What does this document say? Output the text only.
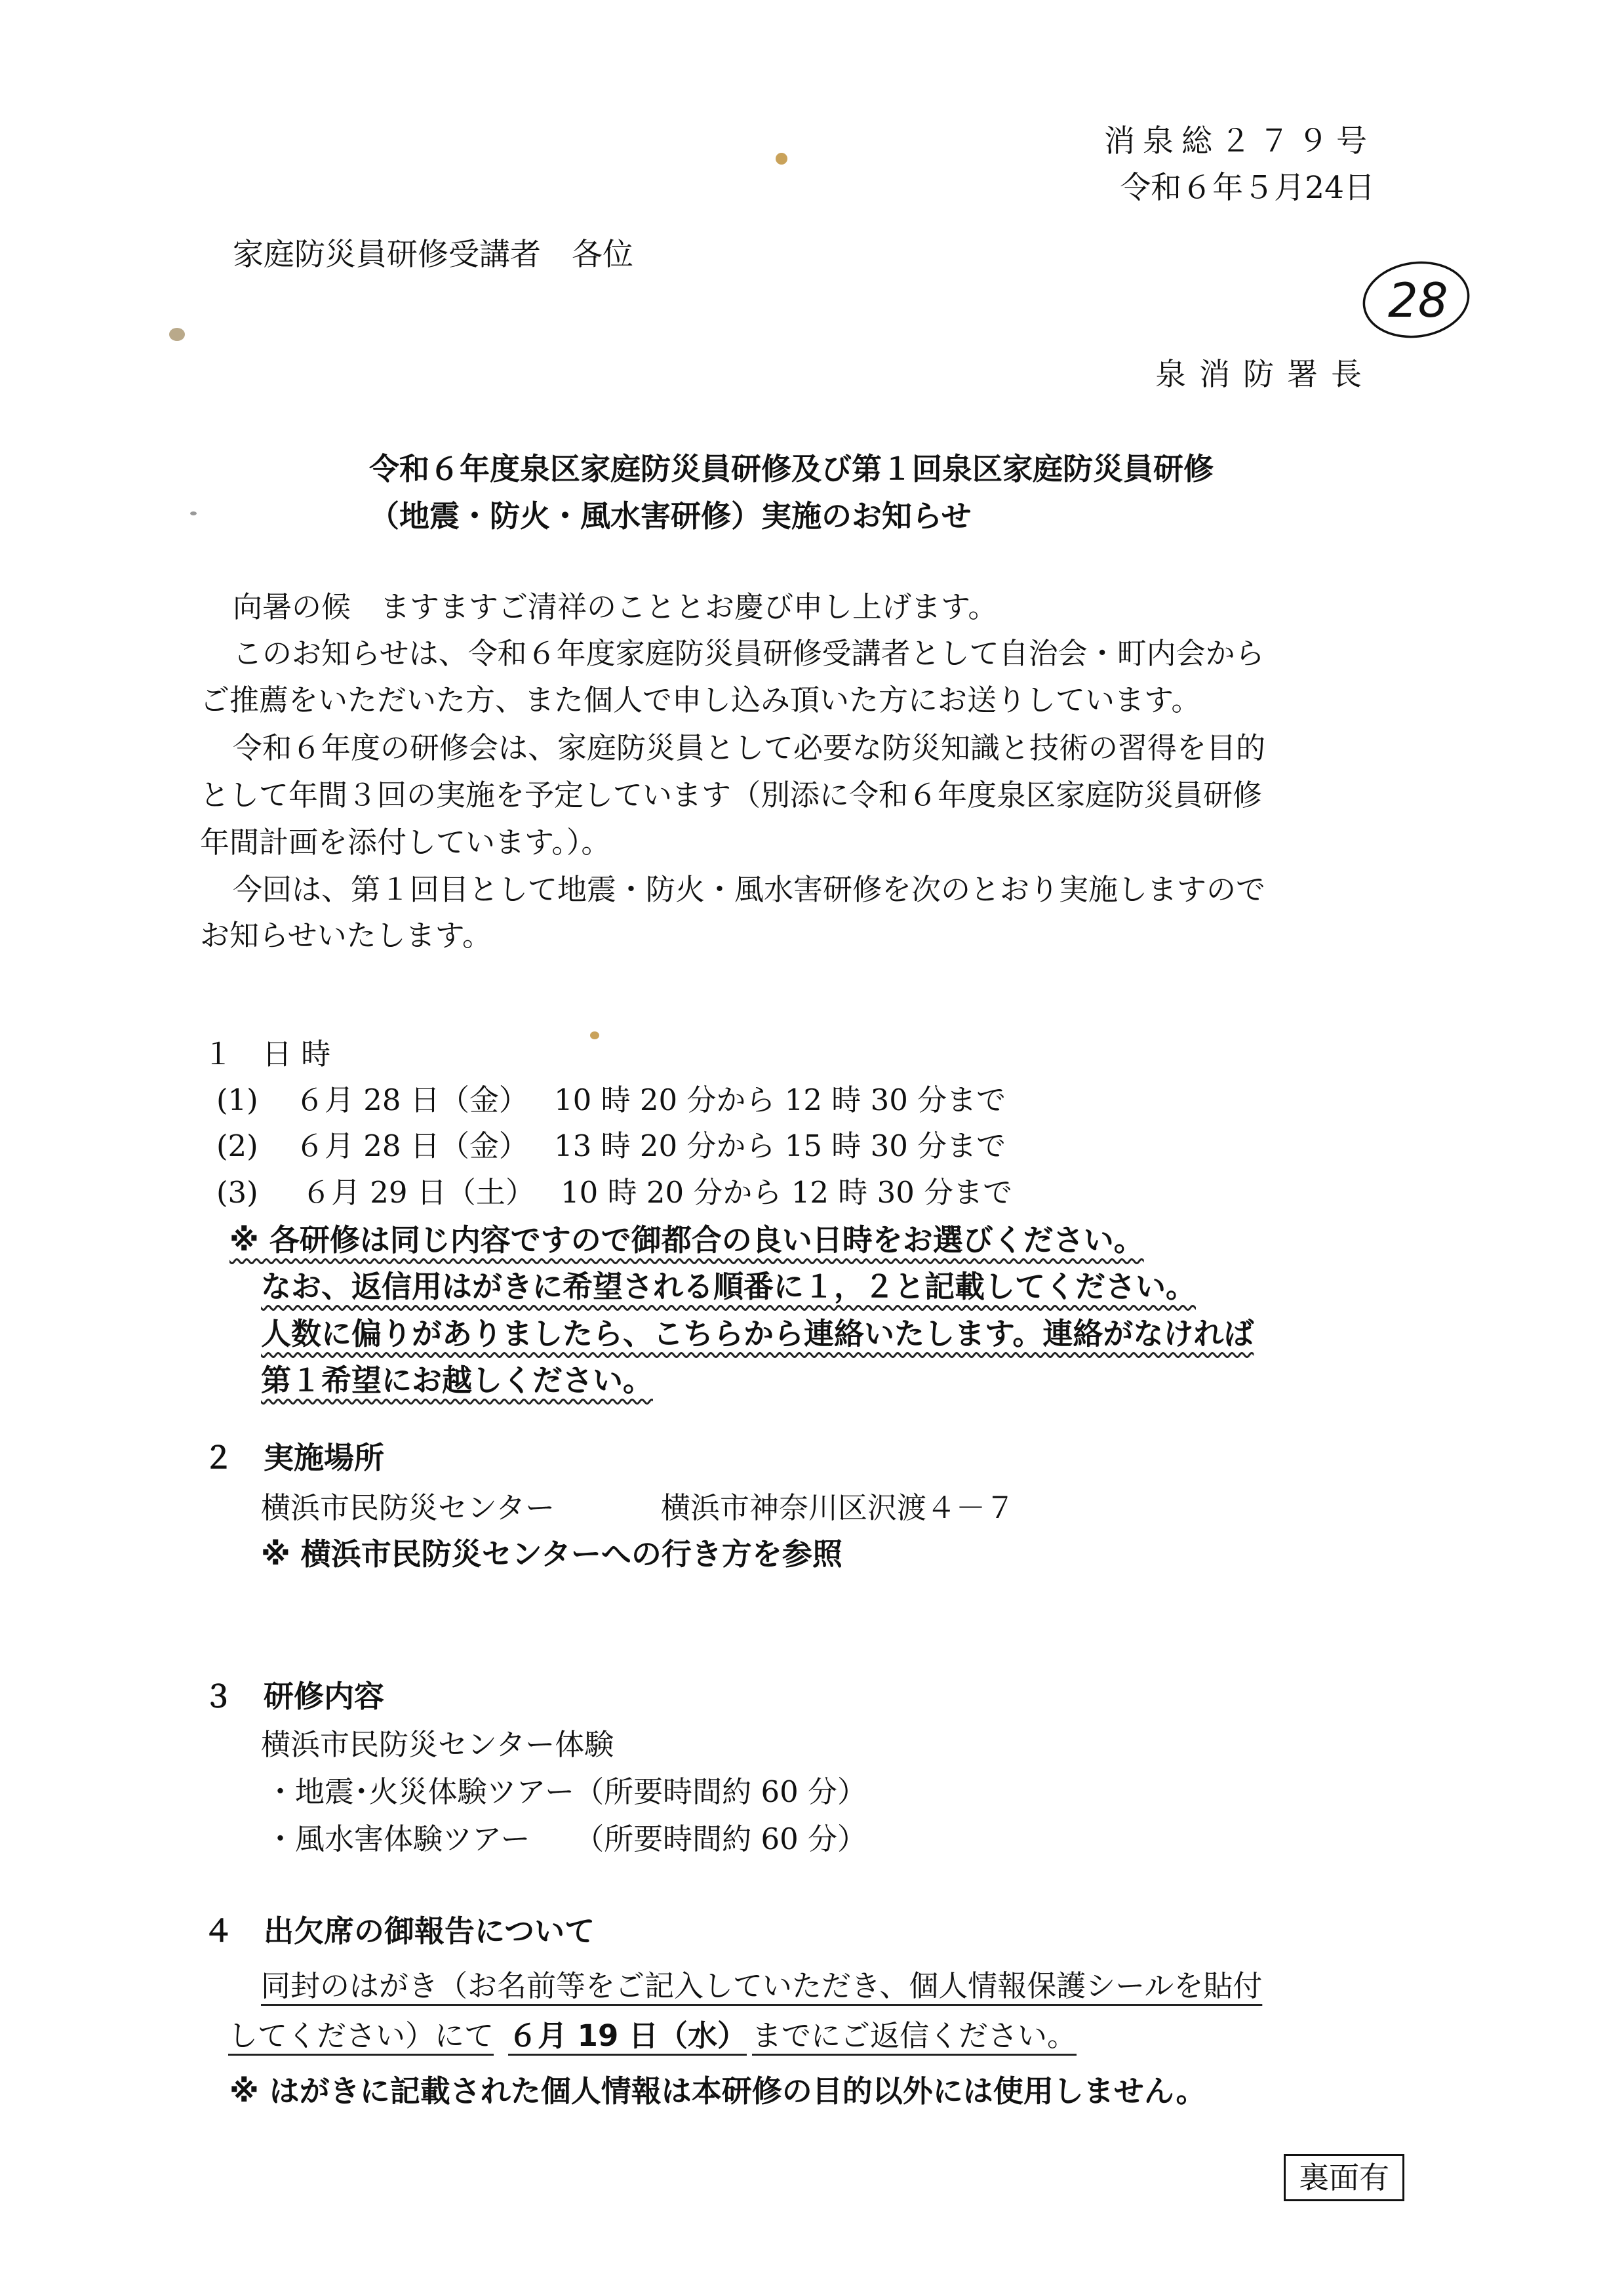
消泉総２７９号
令和６年５月24日
家庭防災員研修受講者　各位
28
泉消防署長
令和６年度泉区家庭防災員研修及び第１回泉区家庭防災員研修
（地震・防火・風水害研修）実施のお知らせ
向暑の候　ますますご清祥のこととお慶び申し上げます。
このお知らせは、令和６年度家庭防災員研修受講者として自治会・町内会から
ご推薦をいただいた方、また個人で申し込み頂いた方にお送りしています。
令和６年度の研修会は、家庭防災員として必要な防災知識と技術の習得を目的
として年間３回の実施を予定しています（別添に令和６年度泉区家庭防災員研修
年間計画を添付しています。）。
今回は、第１回目として地震・防火・風水害研修を次のとおり実施しますので
お知らせいたします。
１　日 時
(1) ６月 28 日（金） 10 時 20 分から 12 時 30 分まで
(2) ６月 28 日（金） 13 時 20 分から 15 時 30 分まで
(3) ６月 29 日（土） 10 時 20 分から 12 時 30 分まで
※ 各研修は同じ内容ですので御都合の良い日時をお選びください。
なお、返信用はがきに希望される順番に１，２と記載してください。
人数に偏りがありましたら、こちらから連絡いたします。連絡がなければ
第１希望にお越しください。
２　実施場所
横浜市民防災センター	横浜市神奈川区沢渡４－７
※ 横浜市民防災センターへの行き方を参照
３　研修内容
横浜市民防災センター体験
・地震･火災体験ツアー（所要時間約 60 分）
・風水害体験ツアー　　（所要時間約 60 分）
４　出欠席の御報告について
同封のはがき（お名前等をご記入していただき、個人情報保護シールを貼付
してください）にて ６月 19 日（水） までにご返信ください。
※ はがきに記載された個人情報は本研修の目的以外には使用しません。
裏面有
